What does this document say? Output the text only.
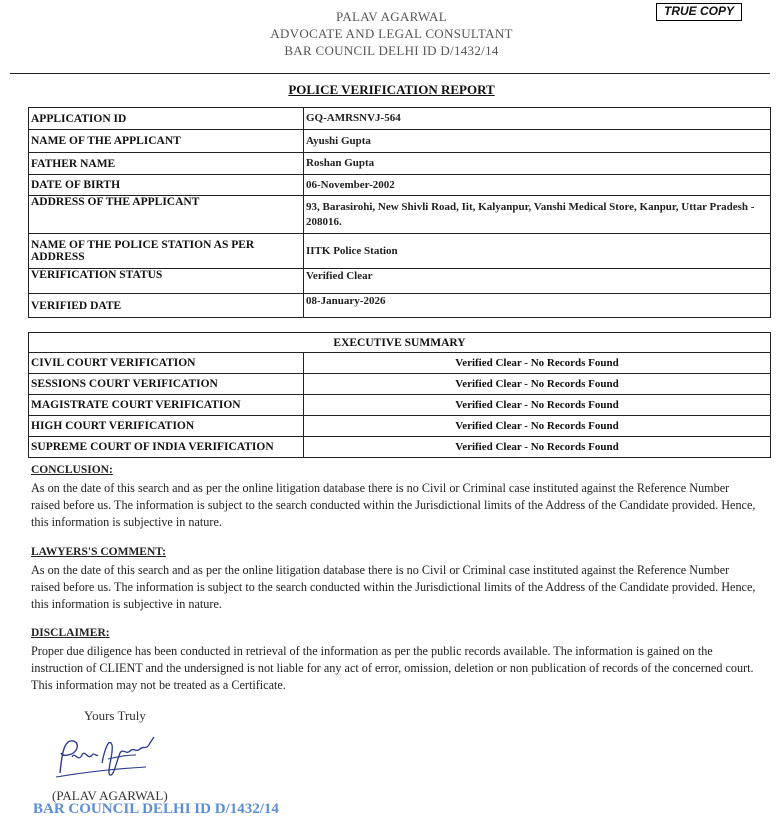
PALAV AGARWAL
ADVOCATE AND LEGAL CONSULTANT
BAR COUNCIL DELHI ID D/1432/14
TRUE COPY
POLICE VERIFICATION REPORT
APPLICATION ID	GQ-AMRSNVJ-564
NAME OF THE APPLICANT	Ayushi Gupta
FATHER NAME	Roshan Gupta
DATE OF BIRTH	06-November-2002
ADDRESS OF THE APPLICANT	93, Barasirohi, New Shivli Road, Iit, Kalyanpur, Vanshi Medical Store, Kanpur, Uttar Pradesh - 208016.
NAME OF THE POLICE STATION AS PER ADDRESS	IITK Police Station
VERIFICATION STATUS	Verified Clear
VERIFIED DATE	08-January-2026
EXECUTIVE SUMMARY	
CIVIL COURT VERIFICATION	Verified Clear - No Records Found
SESSIONS COURT VERIFICATION	Verified Clear - No Records Found
MAGISTRATE COURT VERIFICATION	Verified Clear - No Records Found
HIGH COURT VERIFICATION	Verified Clear - No Records Found
SUPREME COURT OF INDIA VERIFICATION	Verified Clear - No Records Found
CONCLUSION:
As on the date of this search and as per the online litigation database there is no Civil or Criminal case instituted against the Reference Number raised before us. The information is subject to the search conducted within the Jurisdictional limits of the Address of the Candidate provided. Hence, this information is subjective in nature.
LAWYERS'S COMMENT:
As on the date of this search and as per the online litigation database there is no Civil or Criminal case instituted against the Reference Number raised before us. The information is subject to the search conducted within the Jurisdictional limits of the Address of the Candidate provided. Hence, this information is subjective in nature.
DISCLAIMER:
Proper due diligence has been conducted in retrieval of the information as per the public records available. The information is gained on the instruction of CLIENT and the undersigned is not liable for any act of error, omission, deletion or non publication of records of the concerned court. This information may not be treated as a Certificate.
Yours Truly
(PALAV AGARWAL)
BAR COUNCIL DELHI ID D/1432/14
